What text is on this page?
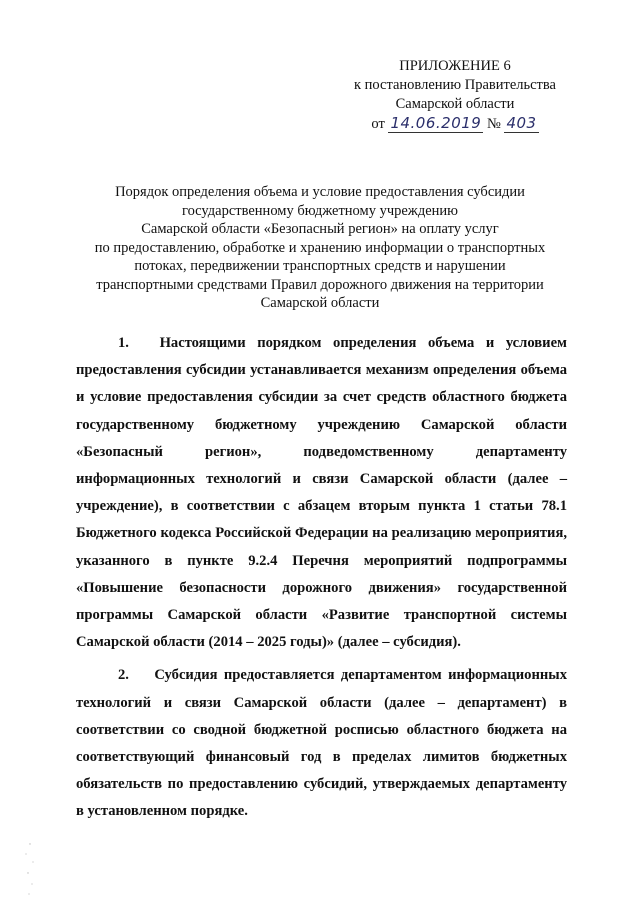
ПРИЛОЖЕНИЕ 6
к постановлению Правительства
Самарской области
от 14.06.2019 № 403
Порядок определения объема и условие предоставления субсидии
государственному бюджетному учреждению
Самарской области «Безопасный регион» на оплату услуг
по предоставлению, обработке и хранению информации о транспортных
потоках, передвижении транспортных средств и нарушении
транспортными средствами Правил дорожного движения на территории
Самарской области

1. Настоящими порядком определения объема и условием предоставления субсидии устанавливается механизм определения объема и условие предоставления субсидии за счет средств областного бюджета государственному бюджетному учреждению Самарской области «Безопасный регион», подведомственному департаменту информационных технологий и связи Самарской области (далее – учреждение), в соответствии с абзацем вторым пункта 1 статьи 78.1 Бюджетного кодекса Российской Федерации на реализацию мероприятия, указанного в пункте 9.2.4 Перечня мероприятий подпрограммы «Повышение безопасности дорожного движения» государственной программы Самарской области «Развитие транспортной системы Самарской области (2014 – 2025 годы)» (далее – субсидия).

2. Субсидия предоставляется департаментом информационных технологий и связи Самарской области (далее – департамент) в соответствии со сводной бюджетной росписью областного бюджета на соответствующий финансовый год в пределах лимитов бюджетных обязательств по предоставлению субсидий, утверждаемых департаменту в установленном порядке.
